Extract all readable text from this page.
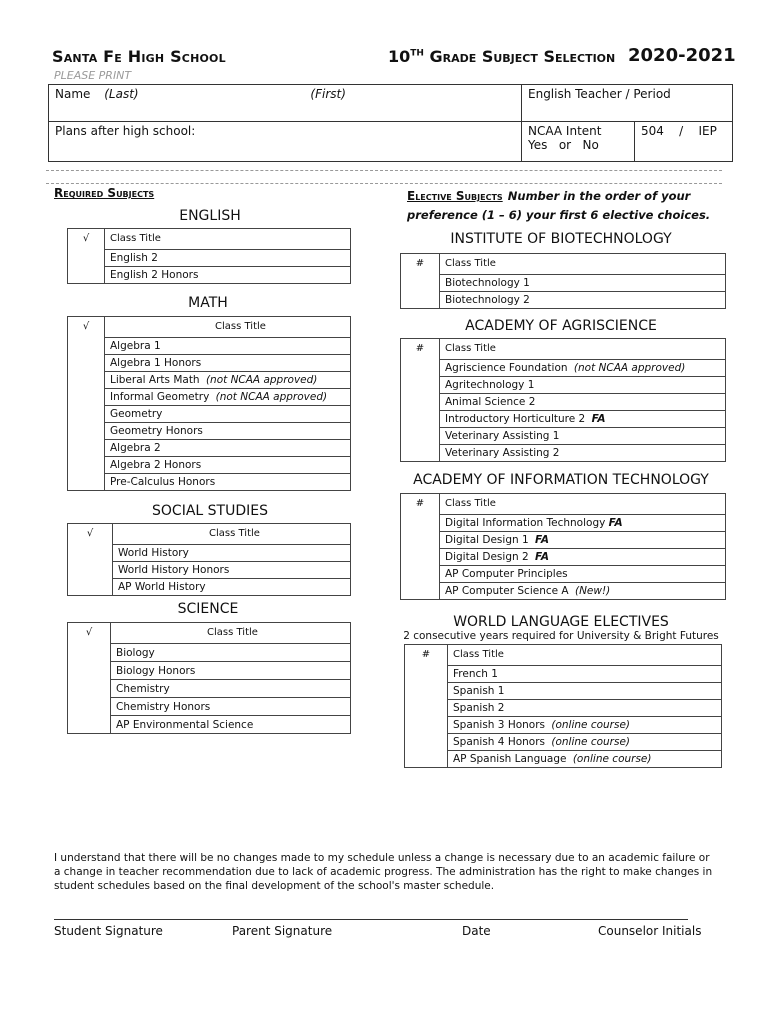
Santa Fe High School	10TH Grade Subject Selection 2020-2021
PLEASE PRINT
Name (Last) (First)	English Teacher / Period	
Plans after high school:	NCAA Intent
Yes   or   No	504    /    IEP
Required Subjects
ENGLISH
√	Class Title
	English 2
	English 2 Honors
MATH
√	Class Title
	Algebra 1
	Algebra 1 Honors
	Liberal Arts Math (not NCAA approved)
	Informal Geometry (not NCAA approved)
	Geometry
	Geometry Honors
	Algebra 2
	Algebra 2 Honors
	Pre-Calculus Honors
SOCIAL STUDIES
√	Class Title
	World History
	World History Honors
	AP World History
SCIENCE
√	Class Title
	Biology
	Biology Honors
	Chemistry
	Chemistry Honors
	AP Environmental Science
Elective Subjects Number in the order of your preference (1 – 6) your first 6 elective choices.
INSTITUTE OF BIOTECHNOLOGY
#	Class Title
	Biotechnology 1
	Biotechnology 2
ACADEMY OF AGRISCIENCE
#	Class Title
	Agriscience Foundation (not NCAA approved)
	Agritechnology 1
	Animal Science 2
	Introductory Horticulture 2 FA
	Veterinary Assisting 1
	Veterinary Assisting 2
ACADEMY OF INFORMATION TECHNOLOGY
#	Class Title
	Digital Information Technology FA
	Digital Design 1 FA
	Digital Design 2 FA
	AP Computer Principles
	AP Computer Science A (New!)
WORLD LANGUAGE ELECTIVES
2 consecutive years required for University & Bright Futures
#	Class Title
	French 1
	Spanish 1
	Spanish 2
	Spanish 3 Honors (online course)
	Spanish 4 Honors (online course)
	AP Spanish Language (online course)
I understand that there will be no changes made to my schedule unless a change is necessary due to an academic failure or a change in teacher recommendation due to lack of academic progress. The administration has the right to make changes in student schedules based on the final development of the school's master schedule.
Student Signature	Parent Signature	Date	Counselor Initials
